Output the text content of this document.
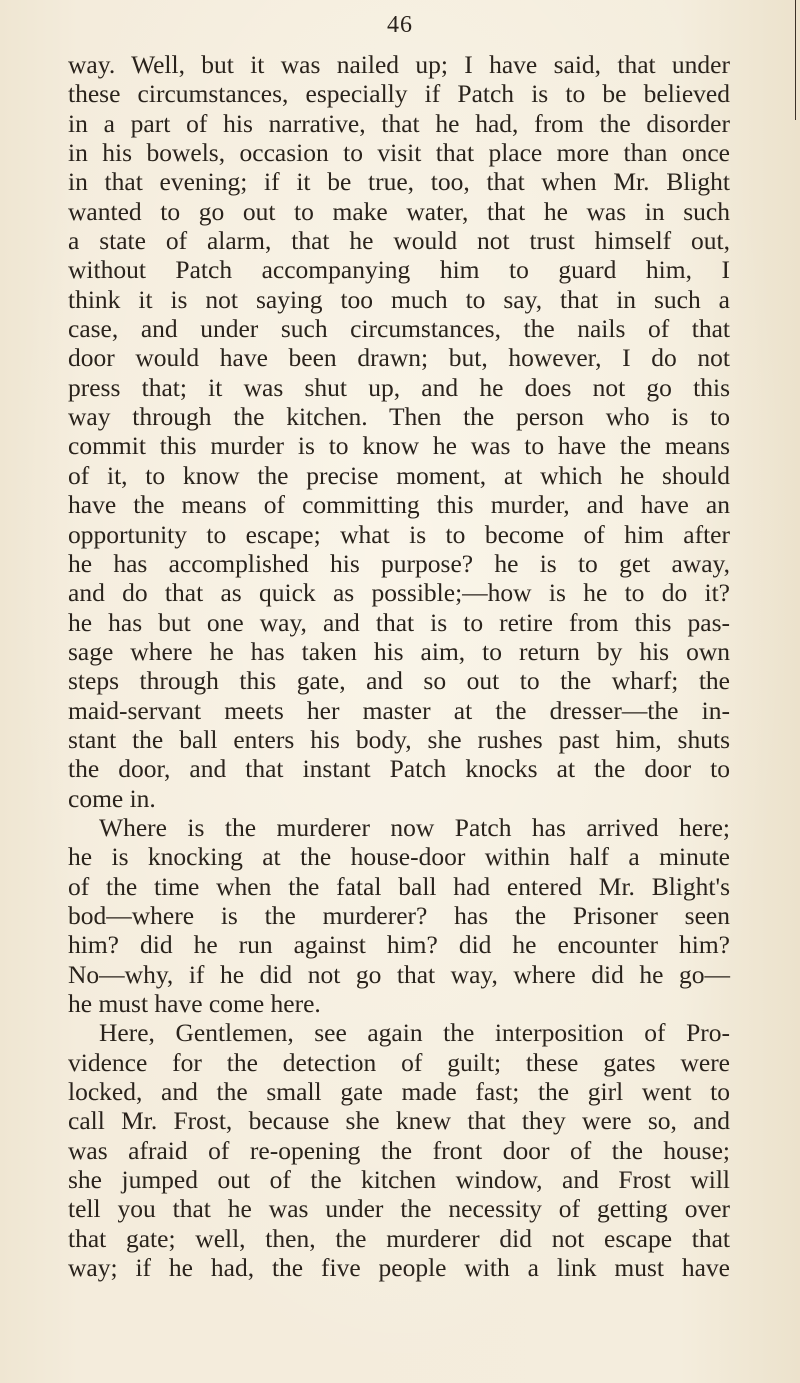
46
way. Well, but it was nailed up; I have said, that under
these circumstances, especially if Patch is to be believed
in a part of his narrative, that he had, from the disorder
in his bowels, occasion to visit that place more than once
in that evening; if it be true, too, that when Mr. Blight
wanted to go out to make water, that he was in such
a state of alarm, that he would not trust himself out,
without Patch accompanying him to guard him, I
think it is not saying too much to say, that in such a
case, and under such circumstances, the nails of that
door would have been drawn; but, however, I do not
press that; it was shut up, and he does not go this
way through the kitchen. Then the person who is to
commit this murder is to know he was to have the means
of it, to know the precise moment, at which he should
have the means of committing this murder, and have an
opportunity to escape; what is to become of him after
he has accomplished his purpose? he is to get away,
and do that as quick as possible;—how is he to do it?
he has but one way, and that is to retire from this pas-
sage where he has taken his aim, to return by his own
steps through this gate, and so out to the wharf; the
maid-servant meets her master at the dresser—the in-
stant the ball enters his body, she rushes past him, shuts
the door, and that instant Patch knocks at the door to
come in.
Where is the murderer now Patch has arrived here;
he is knocking at the house-door within half a minute
of the time when the fatal ball had entered Mr. Blight's
bod—where is the murderer? has the Prisoner seen
him? did he run against him? did he encounter him?
No—why, if he did not go that way, where did he go—
he must have come here.
Here, Gentlemen, see again the interposition of Pro-
vidence for the detection of guilt; these gates were
locked, and the small gate made fast; the girl went to
call Mr. Frost, because she knew that they were so, and
was afraid of re-opening the front door of the house;
she jumped out of the kitchen window, and Frost will
tell you that he was under the necessity of getting over
that gate; well, then, the murderer did not escape that
way; if he had, the five people with a link must have
